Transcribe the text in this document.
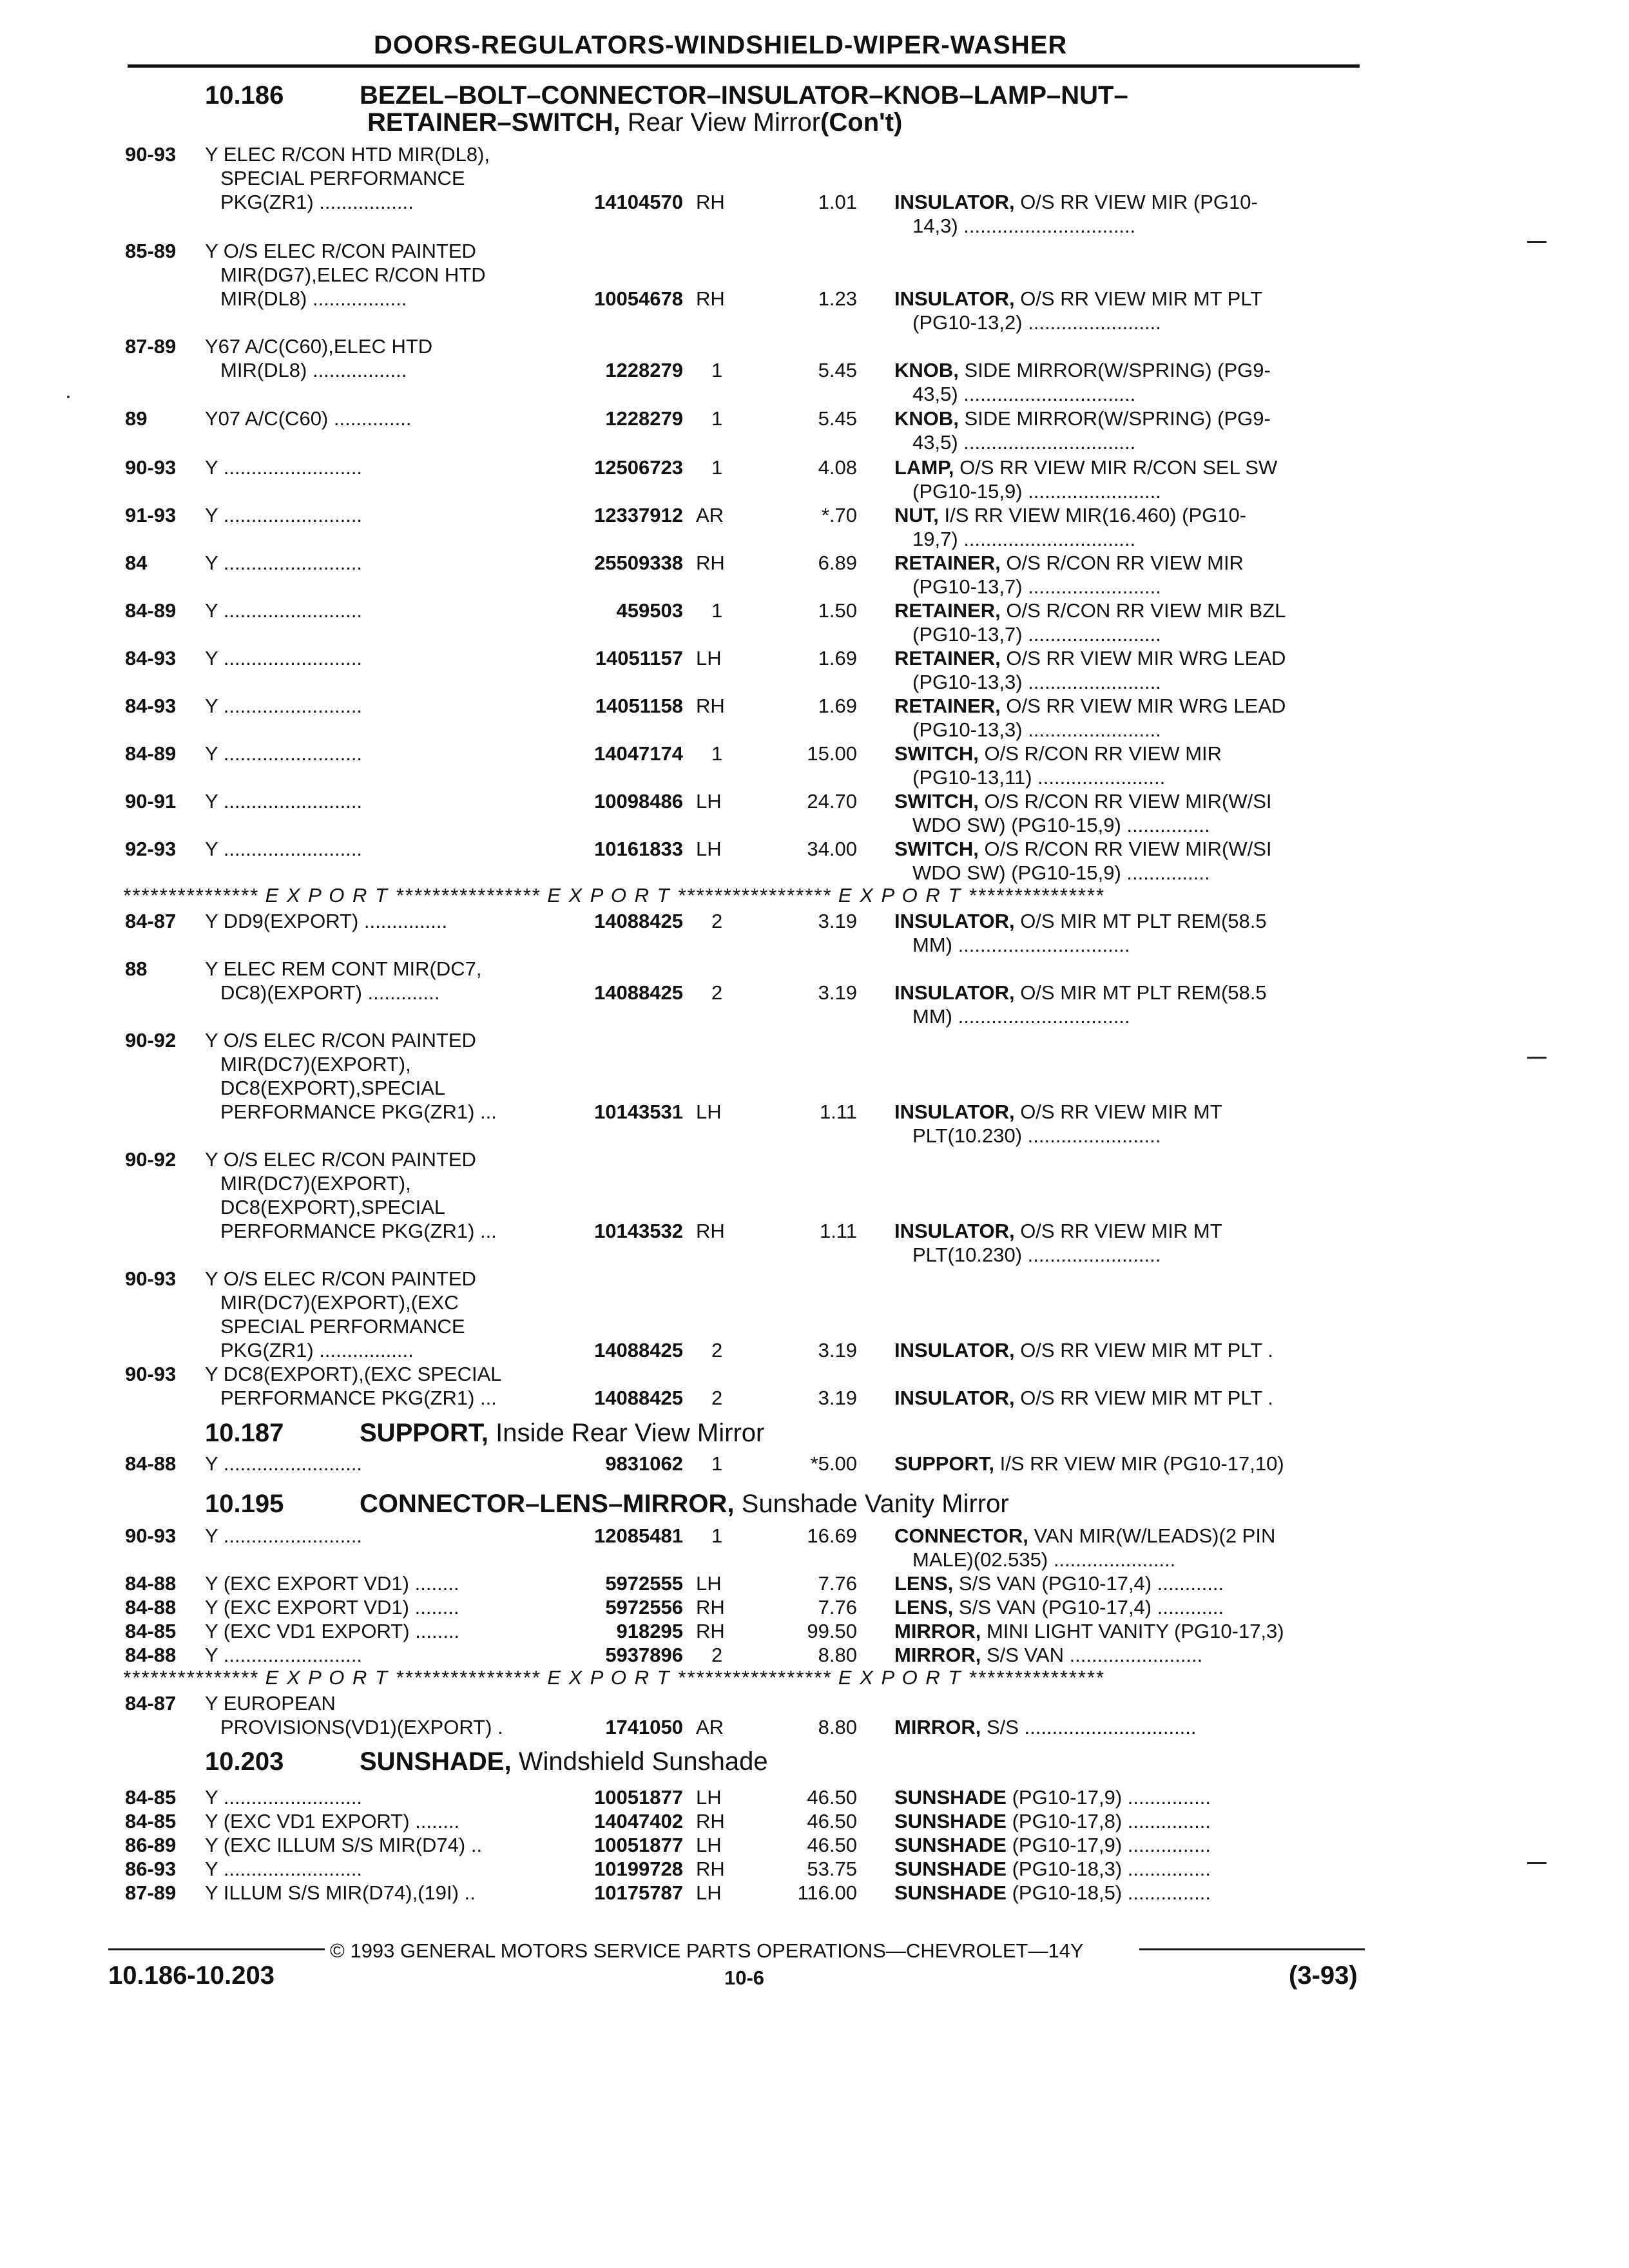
DOORS-REGULATORS-WINDSHIELD-WIPER-WASHER
10.186	BEZEL–BOLT–CONNECTOR–INSULATOR–KNOB–LAMP–NUT–
RETAINER–SWITCH, Rear View Mirror(Con't)
90-93 Y ELEC R/CON HTD MIR(DL8),
SPECIAL PERFORMANCE
PKG(ZR1) .................	14104570 RH	1.01 INSULATOR, O/S RR VIEW MIR (PG10-
14,3) ...............................
85-89 Y O/S ELEC R/CON PAINTED
MIR(DG7),ELEC R/CON HTD
MIR(DL8) .................	10054678 RH	1.23 INSULATOR, O/S RR VIEW MIR MT PLT
(PG10-13,2) ........................
87-89 Y67 A/C(C60),ELEC HTD
MIR(DL8) .................	1228279 1	5.45 KNOB, SIDE MIRROR(W/SPRING) (PG9-
43,5) ...............................
89	Y07 A/C(C60) ..............	1228279 1	5.45 KNOB, SIDE MIRROR(W/SPRING) (PG9-
43,5) ...............................
90-93 Y .........................	12506723 1	4.08 LAMP, O/S RR VIEW MIR R/CON SEL SW
(PG10-15,9) ........................
91-93 Y .........................	12337912 AR	*.70 NUT, I/S RR VIEW MIR(16.460) (PG10-
19,7) ...............................
84	Y .........................	25509338 RH	6.89 RETAINER, O/S R/CON RR VIEW MIR
(PG10-13,7) ........................
84-89 Y .........................	459503 1	1.50 RETAINER, O/S R/CON RR VIEW MIR BZL
(PG10-13,7) ........................
84-93 Y .........................	14051157 LH	1.69 RETAINER, O/S RR VIEW MIR WRG LEAD
(PG10-13,3) ........................
84-93 Y .........................	14051158 RH	1.69 RETAINER, O/S RR VIEW MIR WRG LEAD
(PG10-13,3) ........................
84-89 Y .........................	14047174 1	15.00 SWITCH, O/S R/CON RR VIEW MIR
(PG10-13,11) .......................
90-91 Y .........................	10098486 LH	24.70 SWITCH, O/S R/CON RR VIEW MIR(W/SI
WDO SW) (PG10-15,9) ...............
92-93 Y .........................	10161833 LH	34.00 SWITCH, O/S R/CON RR VIEW MIR(W/SI
WDO SW) (PG10-15,9) ...............
*************** E X P O R T **************** E X P O R T ***************** E X P O R T ***************
84-87 Y DD9(EXPORT) ...............	14088425 2	3.19 INSULATOR, O/S MIR MT PLT REM(58.5
MM) ...............................
88	Y ELEC REM CONT MIR(DC7,
DC8)(EXPORT) .............	14088425 2	3.19 INSULATOR, O/S MIR MT PLT REM(58.5
MM) ...............................
90-92 Y O/S ELEC R/CON PAINTED
MIR(DC7)(EXPORT),
DC8(EXPORT),SPECIAL
PERFORMANCE PKG(ZR1) ...	10143531 LH	1.11 INSULATOR, O/S RR VIEW MIR MT
PLT(10.230) ........................
90-92 Y O/S ELEC R/CON PAINTED
MIR(DC7)(EXPORT),
DC8(EXPORT),SPECIAL
PERFORMANCE PKG(ZR1) ...	10143532 RH	1.11 INSULATOR, O/S RR VIEW MIR MT
PLT(10.230) ........................
90-93 Y O/S ELEC R/CON PAINTED
MIR(DC7)(EXPORT),(EXC
SPECIAL PERFORMANCE
PKG(ZR1) .................	14088425 2	3.19 INSULATOR, O/S RR VIEW MIR MT PLT .
90-93 Y DC8(EXPORT),(EXC SPECIAL
PERFORMANCE PKG(ZR1) ...	14088425 2	3.19 INSULATOR, O/S RR VIEW MIR MT PLT .
10.187	SUPPORT, Inside Rear View Mirror
84-88 Y .........................	9831062 1	*5.00 SUPPORT, I/S RR VIEW MIR (PG10-17,10)
10.195	CONNECTOR–LENS–MIRROR, Sunshade Vanity Mirror
90-93 Y .........................	12085481 1	16.69 CONNECTOR, VAN MIR(W/LEADS)(2 PIN
MALE)(02.535) ......................
84-88 Y (EXC EXPORT VD1) ........	5972555 LH	7.76 LENS, S/S VAN (PG10-17,4) ............
84-88 Y (EXC EXPORT VD1) ........	5972556 RH	7.76 LENS, S/S VAN (PG10-17,4) ............
84-85 Y (EXC VD1 EXPORT) ........	918295 RH	99.50 MIRROR, MINI LIGHT VANITY (PG10-17,3)
84-88 Y .........................	5937896 2	8.80 MIRROR, S/S VAN ........................
*************** E X P O R T **************** E X P O R T ***************** E X P O R T ***************
84-87 Y EUROPEAN
PROVISIONS(VD1)(EXPORT) .	1741050 AR	8.80 MIRROR, S/S ...............................
10.203	SUNSHADE, Windshield Sunshade
84-85 Y .........................	10051877 LH	46.50 SUNSHADE (PG10-17,9) ...............
84-85 Y (EXC VD1 EXPORT) ........	14047402 RH	46.50 SUNSHADE (PG10-17,8) ...............
86-89 Y (EXC ILLUM S/S MIR(D74) ..	10051877 LH	46.50 SUNSHADE (PG10-17,9) ...............
86-93 Y .........................	10199728 RH	53.75 SUNSHADE (PG10-18,3) ...............
87-89 Y ILLUM S/S MIR(D74),(19I) ..	10175787 LH	116.00 SUNSHADE (PG10-18,5) ...............
© 1993 GENERAL MOTORS SERVICE PARTS OPERATIONS—CHEVROLET—14Y
10.186-10.203	10-6	(3-93)
